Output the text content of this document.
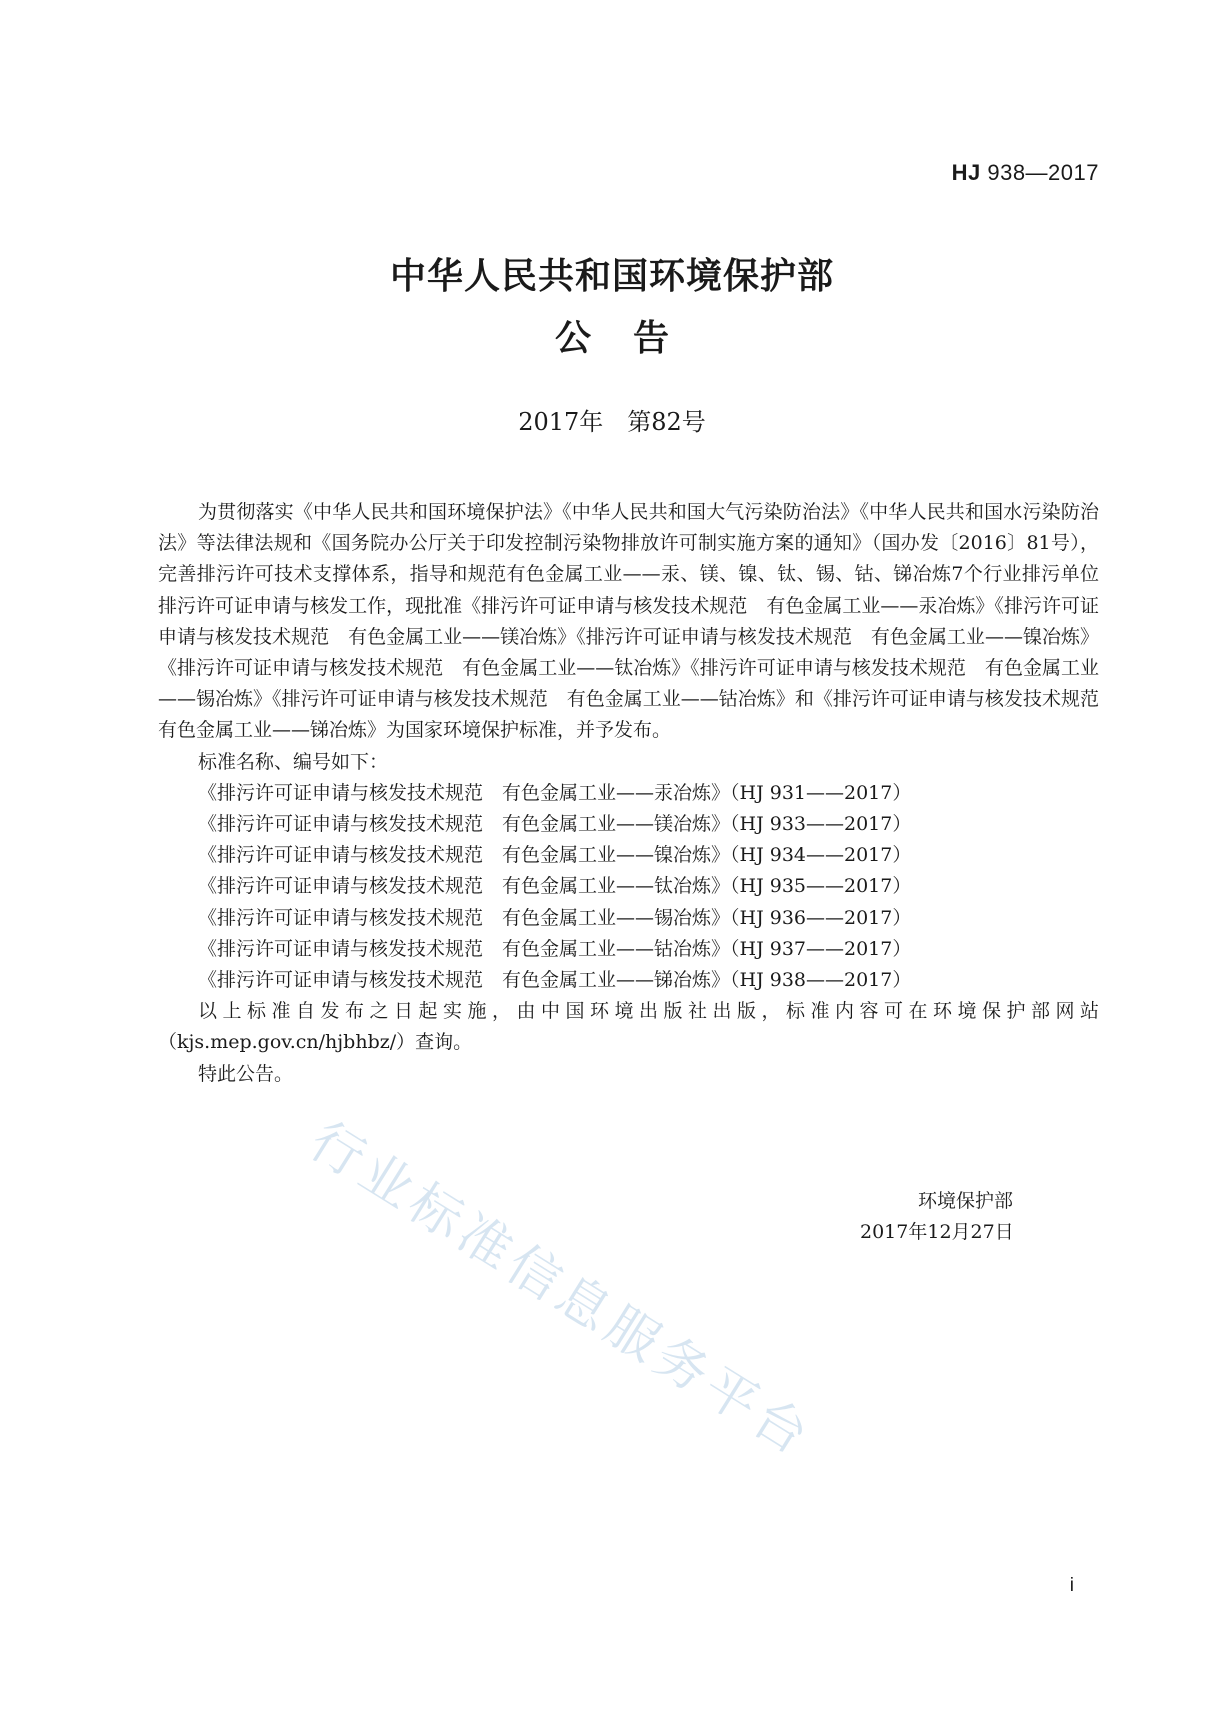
HJ 938—2017
中华人民共和国环境保护部
公告
2017年　第82号

为贯彻落实《中华人民共和国环境保护法》《中华人民共和国大气污染防治法》《中华人民共和国水污染防治法》等法律法规和《国务院办公厅关于印发控制污染物排放许可制实施方案的通知》（国办发〔2016〕81号），完善排污许可技术支撑体系，指导和规范有色金属工业——汞、镁、镍、钛、锡、钴、锑冶炼7个行业排污单位排污许可证申请与核发工作，现批准《排污许可证申请与核发技术规范　有色金属工业——汞冶炼》《排污许可证申请与核发技术规范　有色金属工业——镁冶炼》《排污许可证申请与核发技术规范　有色金属工业——镍冶炼》《排污许可证申请与核发技术规范　有色金属工业——钛冶炼》《排污许可证申请与核发技术规范　有色金属工业——锡冶炼》《排污许可证申请与核发技术规范　有色金属工业——钴冶炼》和《排污许可证申请与核发技术规范　有色金属工业——锑冶炼》为国家环境保护标准，并予发布。

标准名称、编号如下：

《排污许可证申请与核发技术规范　有色金属工业——汞冶炼》（HJ 931——2017）
《排污许可证申请与核发技术规范　有色金属工业——镁冶炼》（HJ 933——2017）
《排污许可证申请与核发技术规范　有色金属工业——镍冶炼》（HJ 934——2017）
《排污许可证申请与核发技术规范　有色金属工业——钛冶炼》（HJ 935——2017）
《排污许可证申请与核发技术规范　有色金属工业——锡冶炼》（HJ 936——2017）
《排污许可证申请与核发技术规范　有色金属工业——钴冶炼》（HJ 937——2017）
《排污许可证申请与核发技术规范　有色金属工业——锑冶炼》（HJ 938——2017）

以上标准自发布之日起实施，由中国环境出版社出版，标准内容可在环境保护部网站（kjs.mep.gov.cn/hjbhbz/）查询。

特此公告。

环境保护部
2017年12月27日
i
行业标准信息服务平台
